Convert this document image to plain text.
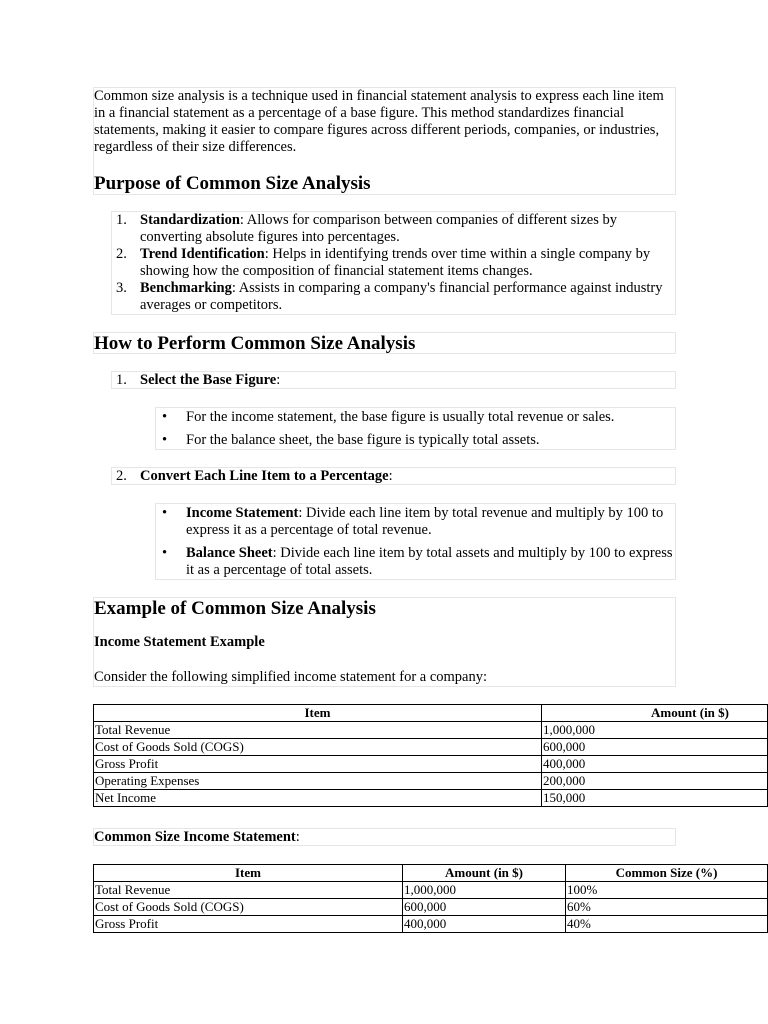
Common size analysis is a technique used in financial statement analysis to express each line item in a financial statement as a percentage of a base figure. This method standardizes financial statements, making it easier to compare figures across different periods, companies, or industries, regardless of their size differences.

Purpose of Common Size Analysis
1. Standardization: Allows for comparison between companies of different sizes by converting absolute figures into percentages.
2. Trend Identification: Helps in identifying trends over time within a single company by showing how the composition of financial statement items changes.
3. Benchmarking: Assists in comparing a company's financial performance against industry averages or competitors.
How to Perform Common Size Analysis
1. Select the Base Figure:
• For the income statement, the base figure is usually total revenue or sales.
• For the balance sheet, the base figure is typically total assets.
2. Convert Each Line Item to a Percentage:
• Income Statement: Divide each line item by total revenue and multiply by 100 to express it as a percentage of total revenue.
• Balance Sheet: Divide each line item by total assets and multiply by 100 to express it as a percentage of total assets.
Example of Common Size Analysis
Income Statement Example

Consider the following simplified income statement for a company:

Item	Amount (in $)
Total Revenue	1,000,000
Cost of Goods Sold (COGS)	600,000
Gross Profit	400,000
Operating Expenses	200,000
Net Income	150,000
Common Size Income Statement:
Item	Amount (in $)	Common Size (%)
Total Revenue	1,000,000	100%
Cost of Goods Sold (COGS)	600,000	60%
Gross Profit	400,000	40%
